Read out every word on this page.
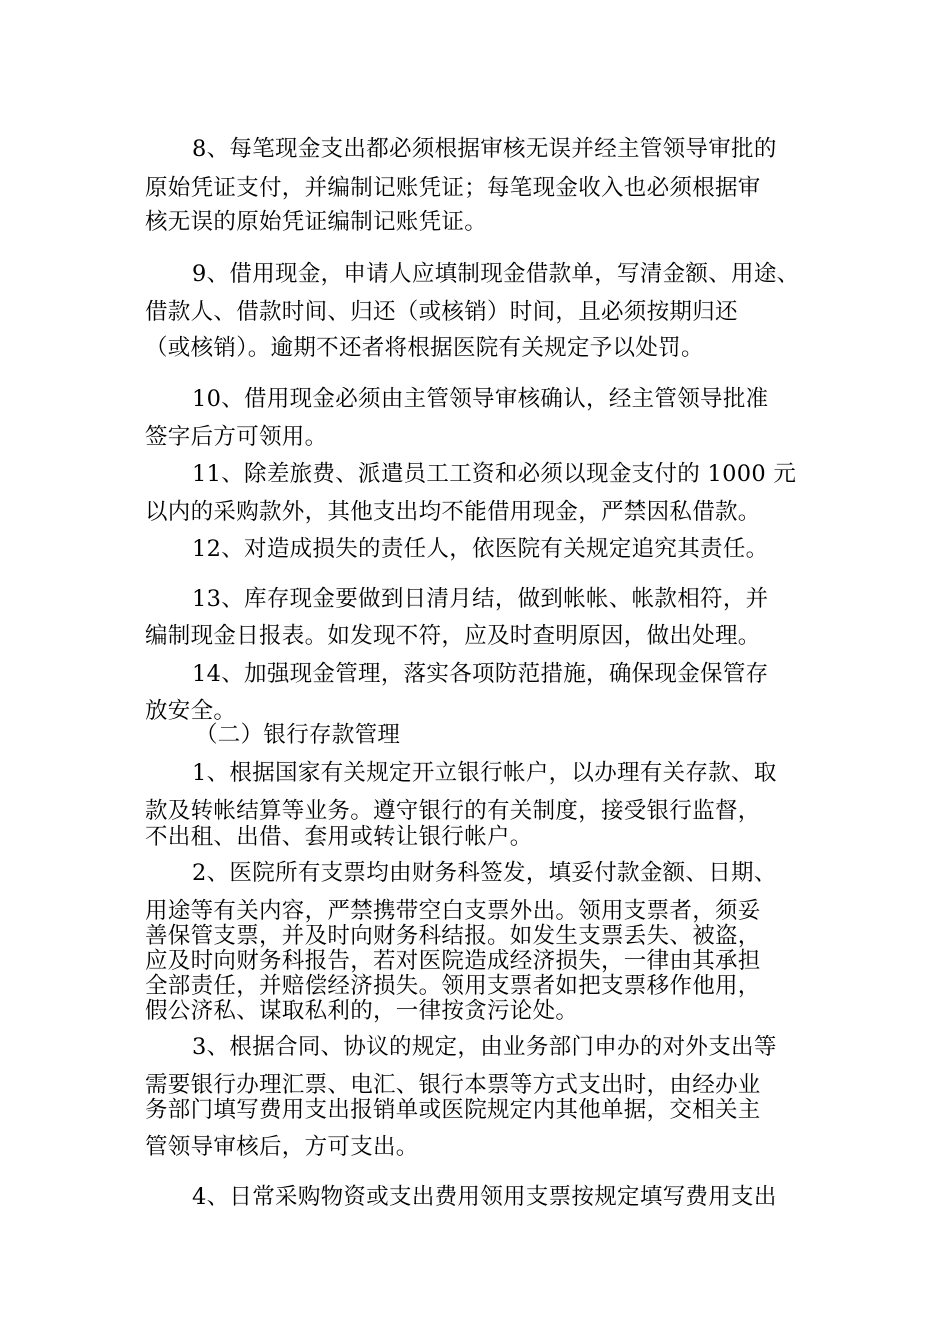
8、每笔现金支出都必须根据审核无误并经主管领导审批的
原始凭证支付，并编制记账凭证；每笔现金收入也必须根据审
核无误的原始凭证编制记账凭证。
9、借用现金，申请人应填制现金借款单，写清金额、用途、
借款人、借款时间、归还（或核销）时间，且必须按期归还
（或核销）。逾期不还者将根据医院有关规定予以处罚。
10、借用现金必须由主管领导审核确认，经主管领导批准
签字后方可领用。
11、除差旅费、派遣员工工资和必须以现金支付的 1000 元
以内的采购款外，其他支出均不能借用现金，严禁因私借款。
12、对造成损失的责任人，依医院有关规定追究其责任。
13、库存现金要做到日清月结，做到帐帐、帐款相符，并
编制现金日报表。如发现不符，应及时查明原因，做出处理。
14、加强现金管理，落实各项防范措施，确保现金保管存
放安全。
（二）银行存款管理
1、根据国家有关规定开立银行帐户，以办理有关存款、取
款及转帐结算等业务。遵守银行的有关制度，接受银行监督，
不出租、出借、套用或转让银行帐户。
2、医院所有支票均由财务科签发，填妥付款金额、日期、
用途等有关内容，严禁携带空白支票外出。领用支票者，须妥
善保管支票，并及时向财务科结报。如发生支票丢失、被盗，
应及时向财务科报告，若对医院造成经济损失，一律由其承担
全部责任，并赔偿经济损失。领用支票者如把支票移作他用，
假公济私、谋取私利的，一律按贪污论处。
3、根据合同、协议的规定，由业务部门申办的对外支出等
需要银行办理汇票、电汇、银行本票等方式支出时，由经办业
务部门填写费用支出报销单或医院规定内其他单据，交相关主
管领导审核后，方可支出。
4、日常采购物资或支出费用领用支票按规定填写费用支出
